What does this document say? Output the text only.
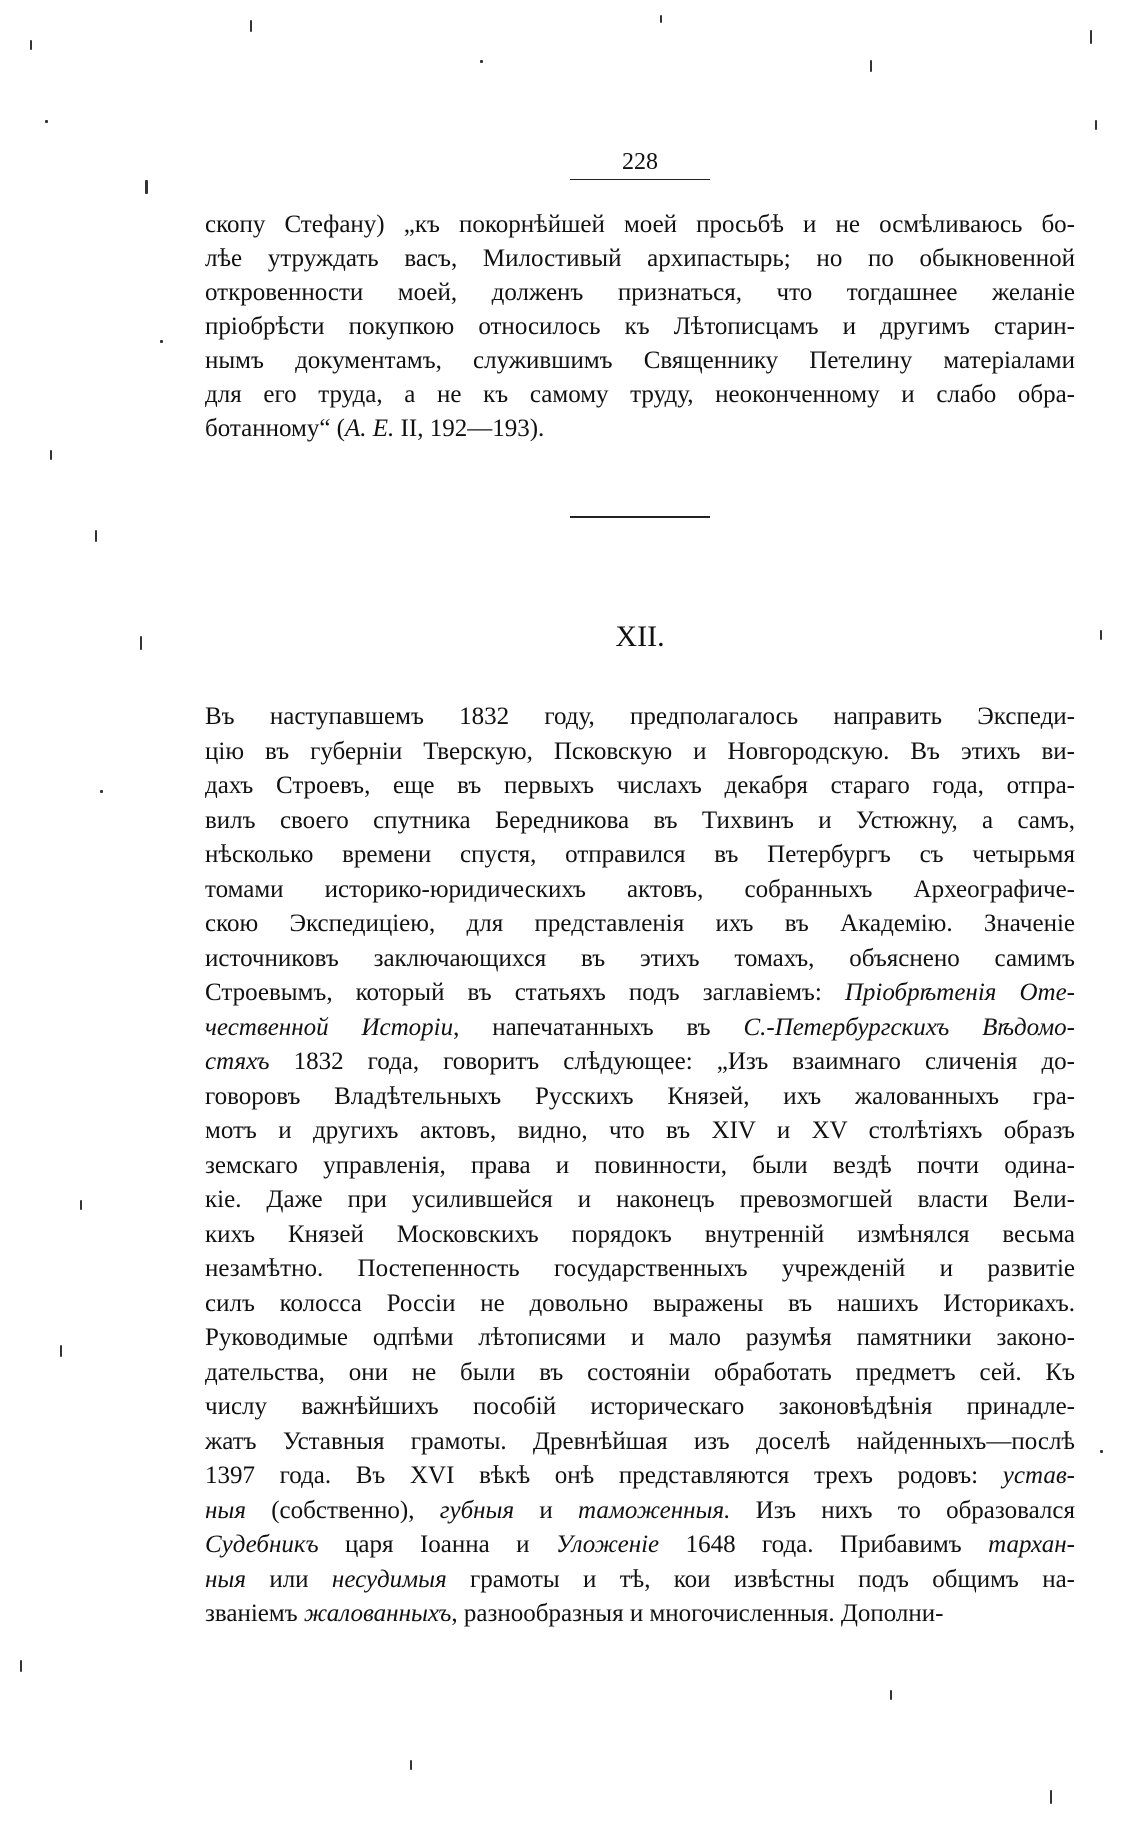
228
скопу Стефану) „къ покорнѣйшей моей просьбѣ и не осмѣливаюсь бо-
лѣе утруждать васъ, Милостивый архипастырь; но по обыкновенной
откровенности моей, долженъ признаться, что тогдашнее желаніе
пріобрѣсти покупкою относилось къ Лѣтописцамъ и другимъ старин-
нымъ документамъ, служившимъ Священнику Петелину матеріалами
для его труда, а не къ самому труду, неоконченному и слабо обра-
ботанному“ (А. Е. II, 192—193).
XII.
Въ наступавшемъ 1832 году, предполагалось направить Экспеди-
цію въ губерніи Тверскую, Псковскую и Новгородскую. Въ этихъ ви-
дахъ Строевъ, еще въ первыхъ числахъ декабря стараго года, отпра-
вилъ своего спутника Бередникова въ Тихвинъ и Устюжну, а самъ,
нѣсколько времени спустя, отправился въ Петербургъ съ четырьмя
томами историко-юридическихъ актовъ, собранныхъ Археографиче-
скою Экспедиціею, для представленія ихъ въ Академію. Значеніе
источниковъ заключающихся въ этихъ томахъ, объяснено самимъ
Строевымъ, который въ статьяхъ подъ заглавіемъ: Пріобрѣтенія Оте-
чественной Исторіи, напечатанныхъ въ С.-Петербургскихъ Вѣдомо-
стяхъ 1832 года, говоритъ слѣдующее: „Изъ взаимнаго сличенія до-
говоровъ Владѣтельныхъ Русскихъ Князей, ихъ жалованныхъ гра-
мотъ и другихъ актовъ, видно, что въ XIV и XV столѣтіяхъ образъ
земскаго управленія, права и повинности, были вездѣ почти одина-
кіе. Даже при усилившейся и наконецъ превозмогшей власти Вели-
кихъ Князей Московскихъ порядокъ внутренній измѣнялся весьма
незамѣтно. Постепенность государственныхъ учрежденій и развитіе
силъ колосса Россіи не довольно выражены въ нашихъ Историкахъ.
Руководимые одпѣми лѣтописями и мало разумѣя памятники законо-
дательства, они не были въ состояніи обработать предметъ сей. Къ
числу важнѣйшихъ пособій историческаго законовѣдѣнія принадле-
жатъ Уставныя грамоты. Древнѣйшая изъ доселѣ найденныхъ—послѣ
1397 года. Въ XVI вѣкѣ онѣ представляются трехъ родовъ: устав-
ныя (собственно), губныя и таможенныя. Изъ нихъ то образовался
Судебникъ царя Іоанна и Уложеніе 1648 года. Прибавимъ тархан-
ныя или несудимыя грамоты и тѣ, кои извѣстны подъ общимъ на-
званіемъ жалованныхъ, разнообразныя и многочисленныя. Дополни-
